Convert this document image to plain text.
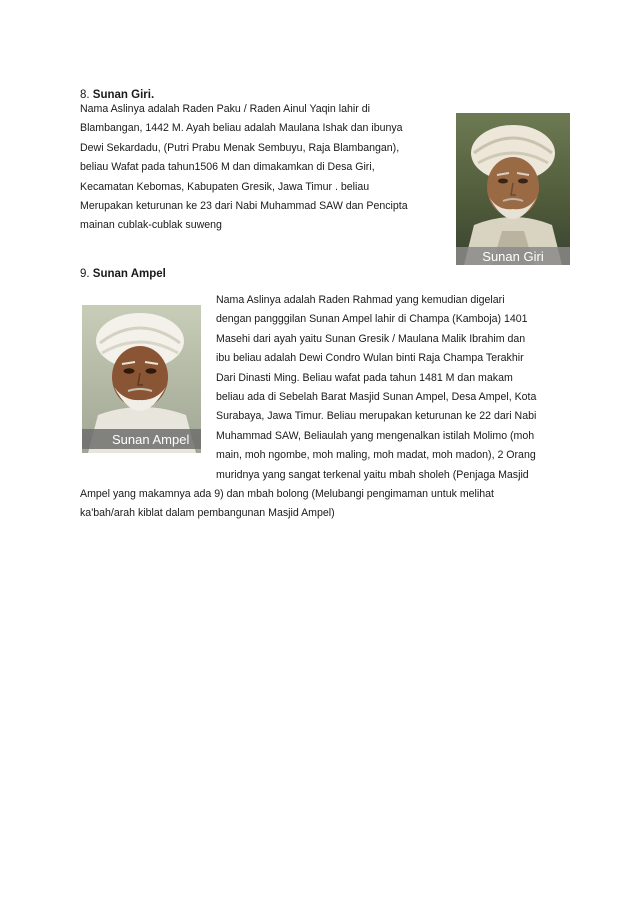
8. Sunan Giri.
Nama Aslinya adalah Raden Paku / Raden Ainul Yaqin lahir di
Blambangan, 1442 M. Ayah beliau adalah Maulana Ishak dan ibunya
Dewi Sekardadu, (Putri Prabu Menak Sembuyu, Raja Blambangan),
beliau Wafat pada tahun1506 M dan dimakamkan di Desa Giri,
Kecamatan Kebomas, Kabupaten Gresik, Jawa Timur . beliau
Merupakan keturunan ke 23 dari Nabi Muhammad SAW dan Pencipta
mainan cublak-cublak suweng
Sunan Giri
9. Sunan Ampel
Sunan Ampel
Nama Aslinya adalah Raden Rahmad yang kemudian digelari
dengan pangggilan Sunan Ampel lahir di Champa (Kamboja) 1401
Masehi dari ayah yaitu Sunan Gresik / Maulana Malik Ibrahim dan
ibu beliau adalah Dewi Condro Wulan binti Raja Champa Terakhir
Dari Dinasti Ming. Beliau wafat pada tahun 1481 M dan makam
beliau ada di Sebelah Barat Masjid Sunan Ampel, Desa Ampel, Kota
Surabaya, Jawa Timur. Beliau merupakan keturunan ke 22 dari Nabi
Muhammad SAW, Beliaulah yang mengenalkan istilah Molimo (moh
main, moh ngombe, moh maling, moh madat, moh madon), 2 Orang
muridnya yang sangat terkenal yaitu mbah sholeh (Penjaga Masjid
Ampel yang makamnya ada 9) dan mbah bolong (Melubangi pengimaman untuk melihat
ka'bah/arah kiblat dalam pembangunan Masjid Ampel)
